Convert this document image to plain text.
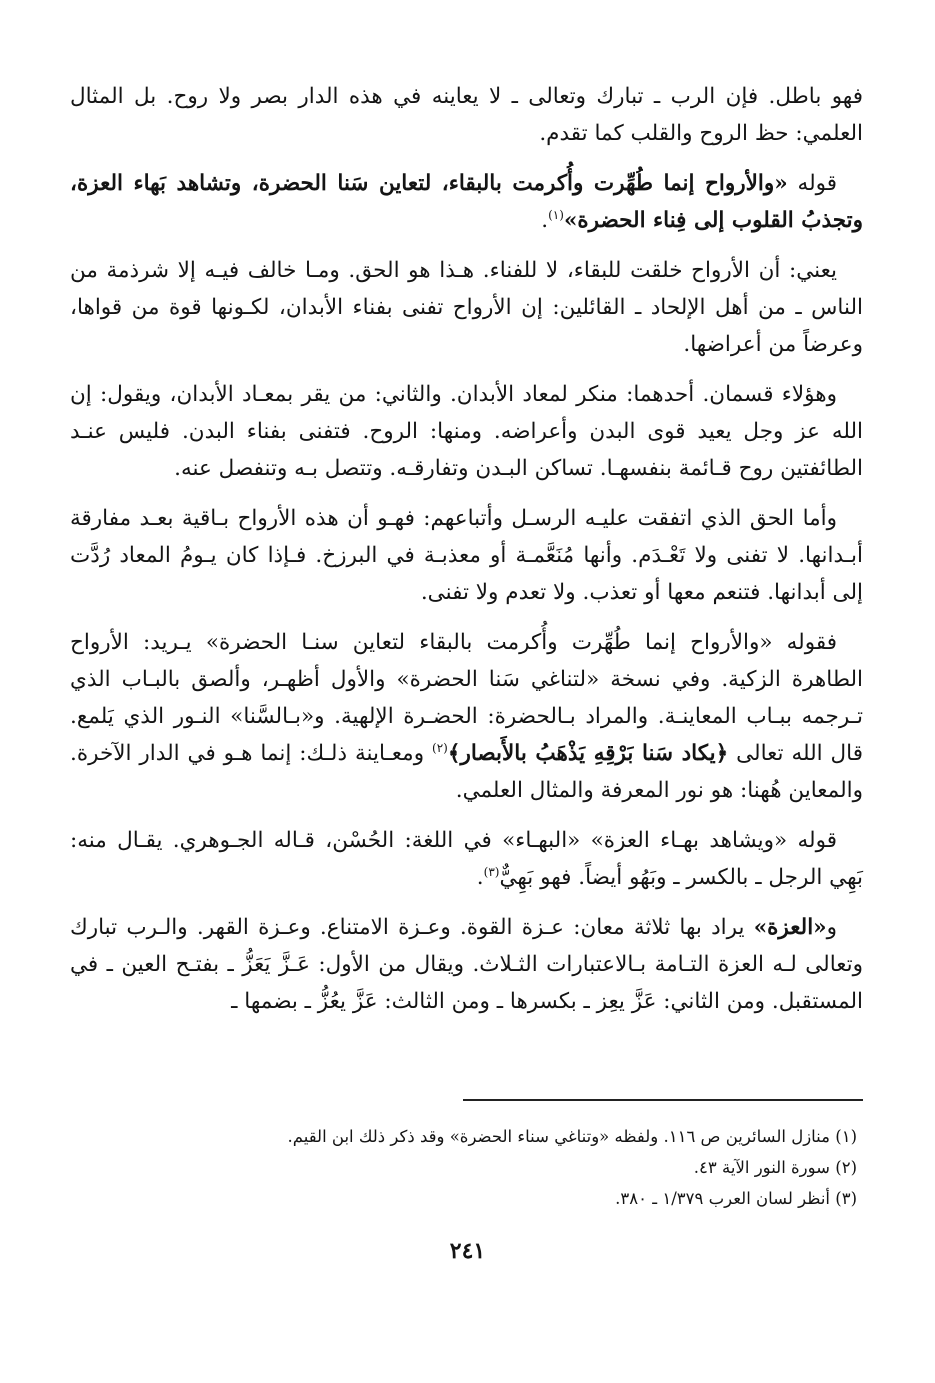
فهو باطل. فإن الرب ـ تبارك وتعالى ـ لا يعاينه في هذه الدار بصر ولا روح. بل المثال العلمي: حظ الروح والقلب كما تقدم.

قوله «والأرواح إنما طُهِّرت وأُكرمت بالبقاء، لتعاين سَنا الحضرة، وتشاهد بَهاء العزة، وتجذبُ القلوب إلى فِناء الحضرة»$^{(١)}$.

يعني: أن الأرواح خلقت للبقاء، لا للفناء. هـذا هو الحق. ومـا خالف فيـه إلا شرذمة من الناس ـ من أهل الإلحاد ـ القائلين: إن الأرواح تفنى بفناء الأبدان، لكـونها قوة من قواها، وعرضاً من أعراضها.

وهؤلاء قسمان. أحدهما: منكر لمعاد الأبدان. والثاني: من يقر بمعـاد الأبدان، ويقول: إن الله عز وجل يعيد قوى البدن وأعراضه. ومنها: الروح. فتفنى بفناء البدن. فليس عنـد الطائفتين روح قـائمة بنفسهـا. تساكن البـدن وتفارقـه. وتتصل بـه وتنفصل عنه.

وأما الحق الذي اتفقت عليـه الرسـل وأتباعهم: فهـو أن هذه الأرواح بـاقية بعـد مفارقة أبـدانها. لا تفنى ولا تَعْـدَم. وأنها مُنَعَّمـة أو معذبـة في البرزخ. فـإذا كان يـومُ المعاد رُدَّت إلى أبدانها. فتنعم معها أو تعذب. ولا تعدم ولا تفنى.

فقوله «والأرواح إنما طُهِّرت وأُكرمت بالبقاء لتعاين سنـا الحضرة» يـريد: الأرواح الطاهرة الزكية. وفي نسخة «لتناغي سَنا الحضرة» والأول أظهـر، وألصق بالبـاب الذي تـرجمه ببـاب المعاينـة. والمراد بـالحضرة: الحضـرة الإلهية. و«بـالسَّنا» النـور الذي يَلمع. قال الله تعالى ﴿يكاد سَنا بَرْقِهِ يَذْهَبُ بالأَبصار﴾$^{(٢)}$ ومعـاينة ذلـك: إنما هـو في الدار الآخرة. والمعاين هُهنا: هو نور المعرفة والمثال العلمي.

قوله «ويشاهد بهـاء العزة» «البهـاء» في اللغة: الحُسْن، قـاله الجـوهري. يقـال منه: بَهِي الرجل ـ بالكسر ـ وبَهُو أيضاً. فهو بَهِيٌّ$^{(٣)}$.

و«العزة» يراد بها ثلاثة معان: عـزة القوة. وعـزة الامتناع. وعـزة القهر. والـرب تبارك وتعالى لـه العزة التـامة بـالاعتبارات الثـلاث. ويقال من الأول: عَـزَّ يَعَزُّ ـ بفتـح العين ـ في المستقبل. ومن الثاني: عَزَّ يعِز ـ بكسرها ـ ومن الثالث: عَزَّ يعُزُّ ـ بضمها ـ

(١) منازل السائرين ص ١١٦. ولفظه «وتناغي سناء الحضرة» وقد ذكر ذلك ابن القيم.
(٢) سورة النور الآية ٤٣.
(٣) أنظر لسان العرب ١/٣٧٩ ـ ٣٨٠.
٢٤١
